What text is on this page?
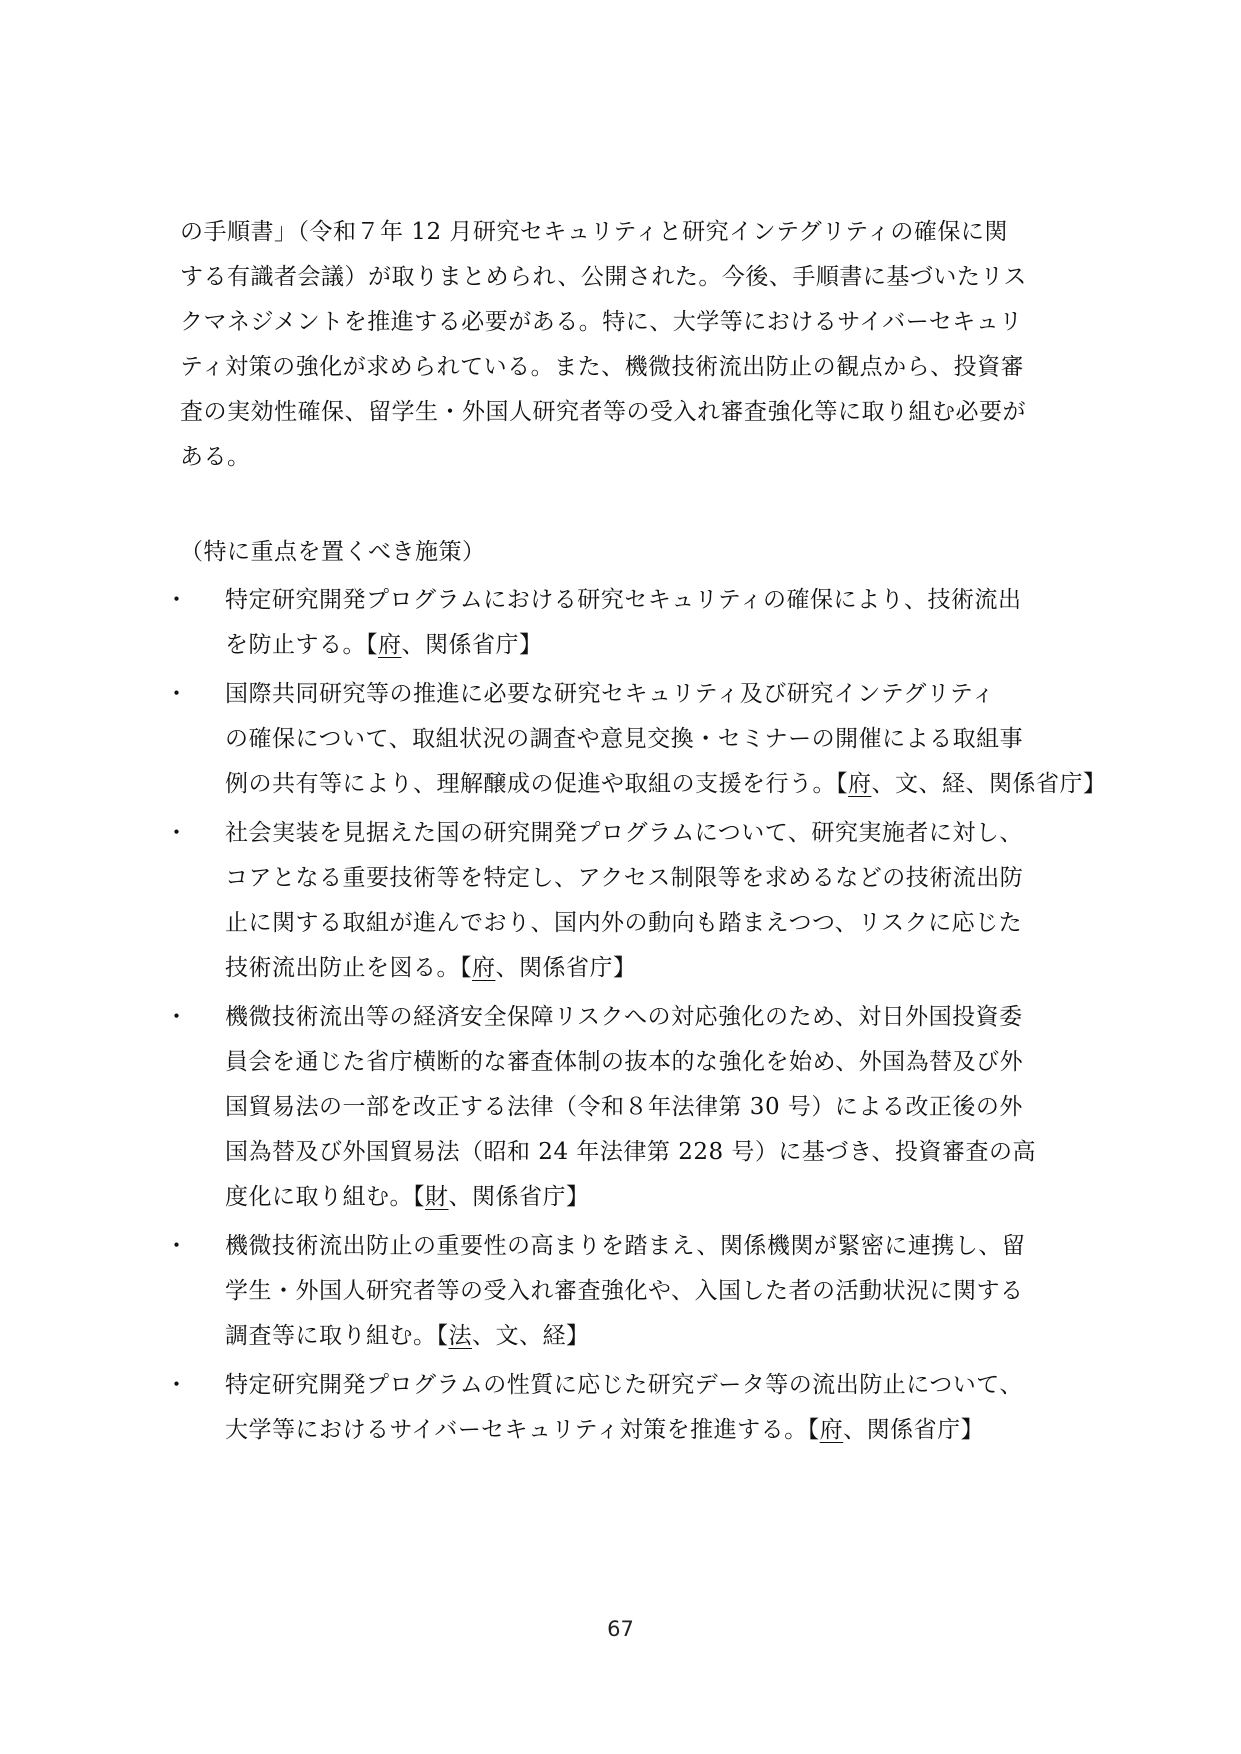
の手順書」（令和７年 12 月研究セキュリティと研究インテグリティの確保に関
する有識者会議）が取りまとめられ、公開された。今後、手順書に基づいたリス
クマネジメントを推進する必要がある。特に、大学等におけるサイバーセキュリ
ティ対策の強化が求められている。また、機微技術流出防止の観点から、投資審
査の実効性確保、留学生・外国人研究者等の受入れ審査強化等に取り組む必要が
ある。
（特に重点を置くべき施策）
・ 特定研究開発プログラムにおける研究セキュリティの確保により、技術流出
を防止する。【府、関係省庁】
・ 国際共同研究等の推進に必要な研究セキュリティ及び研究インテグリティ
の確保について、取組状況の調査や意見交換・セミナーの開催による取組事
例の共有等により、理解醸成の促進や取組の支援を行う。【府、文、経、関係省庁】
・ 社会実装を見据えた国の研究開発プログラムについて、研究実施者に対し、
コアとなる重要技術等を特定し、アクセス制限等を求めるなどの技術流出防
止に関する取組が進んでおり、国内外の動向も踏まえつつ、リスクに応じた
技術流出防止を図る。【府、関係省庁】
・ 機微技術流出等の経済安全保障リスクへの対応強化のため、対日外国投資委
員会を通じた省庁横断的な審査体制の抜本的な強化を始め、外国為替及び外
国貿易法の一部を改正する法律（令和８年法律第 30 号）による改正後の外
国為替及び外国貿易法（昭和 24 年法律第 228 号）に基づき、投資審査の高
度化に取り組む。【財、関係省庁】
・ 機微技術流出防止の重要性の高まりを踏まえ、関係機関が緊密に連携し、留
学生・外国人研究者等の受入れ審査強化や、入国した者の活動状況に関する
調査等に取り組む。【法、文、経】
・ 特定研究開発プログラムの性質に応じた研究データ等の流出防止について、
大学等におけるサイバーセキュリティ対策を推進する。【府、関係省庁】
67
